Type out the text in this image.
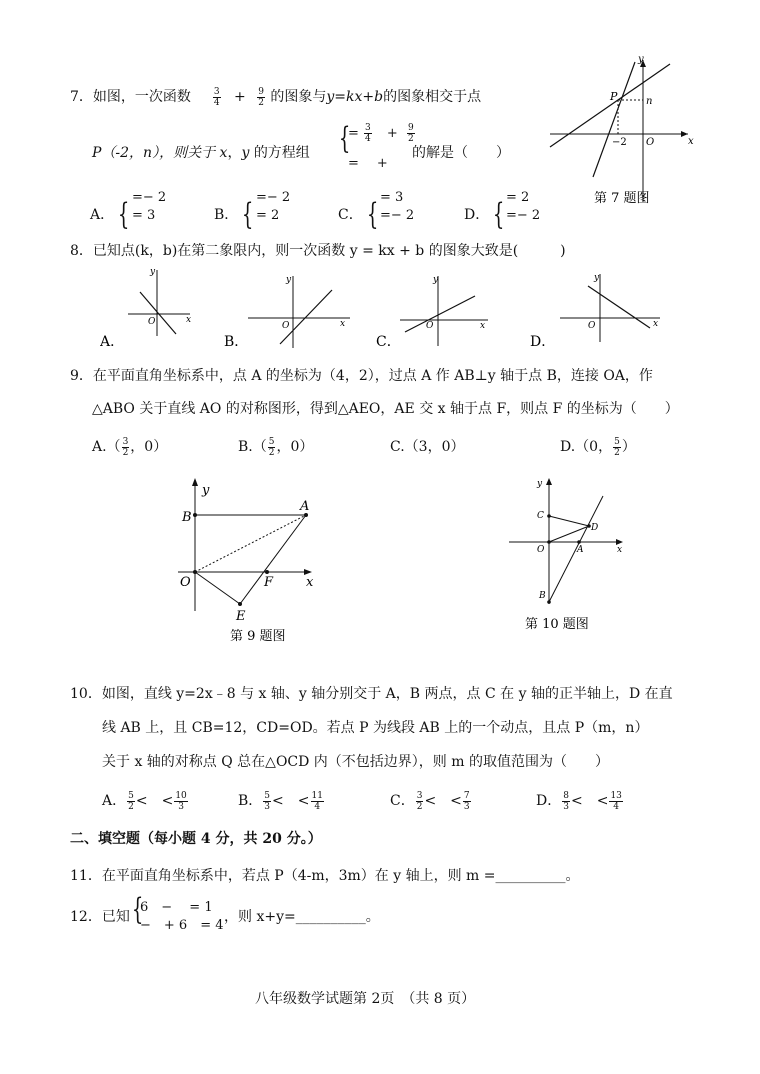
7．如图，一次函数 $\frac{3}{4} + \frac{9}{2}$ 的图象与y=kx+b的图象相交于点
P（-2，n），则关于 x，y 的方程组 {
= $\frac{3}{4} + \frac{9}{2}$
= +
的解是（　　）
A． { =− 2
= 3	B． { =− 2
= 2	C． { = 3
=− 2	D． { = 2
=− 2
y
x
P	n
−2 O
第 7 题图
8．已知点(k，b)在第二象限内，则一次函数 y = kx + b 的图象大致是(　　　)
y
x
O
A．
y
x
O
B．
y
x
O
C．
y
x
O
D．
9．在平面直角坐标系中，点 A 的坐标为（4，2），过点 A 作 AB⊥y 轴于点 B，连接 OA，作
△ABO 关于直线 AO 的对称图形，得到△AEO，AE 交 x 轴于点 F，则点 F 的坐标为（　　）
$A.( \frac{3}{2}$ ，0）	$B.( \frac{5}{2}$ ，0）	C.（3，0）	D.（0， $\frac{5}{2}$ ）
y
x
B
A
O	F
E
第 9 题图
y
x
C
D
O	A
B
第 10 题图
10．如图，直线 y=2x﹣8 与 x 轴、y 轴分别交于 A，B 两点，点 C 在 y 轴的正半轴上，D 在直
线 AB 上，且 CB=12，CD=OD。若点 P 为线段 AB 上的一个动点，且点 P（m，n）
关于 x 轴的对称点 Q 总在△OCD 内（不包括边界），则 m 的取值范围为（　　）
A． $\frac{5}{2}$ <　< $\frac{10}{3}$	B． $\frac{5}{3}$ <　< $\frac{11}{4}$	C． $\frac{3}{2}$ <　< $\frac{7}{3}$	D． $\frac{8}{3}$ <　< $\frac{13}{4}$
二、填空题（每小题 4 分，共 20 分。）
11．在平面直角坐标系中，若点 P（4-m，3m）在 y 轴上，则 m =__________。
12．已知 {
6　−　 = 1
−　+ 6　= 4
，则 x+y=__________。
八年级数学试题第 2页　（共 8 页）
